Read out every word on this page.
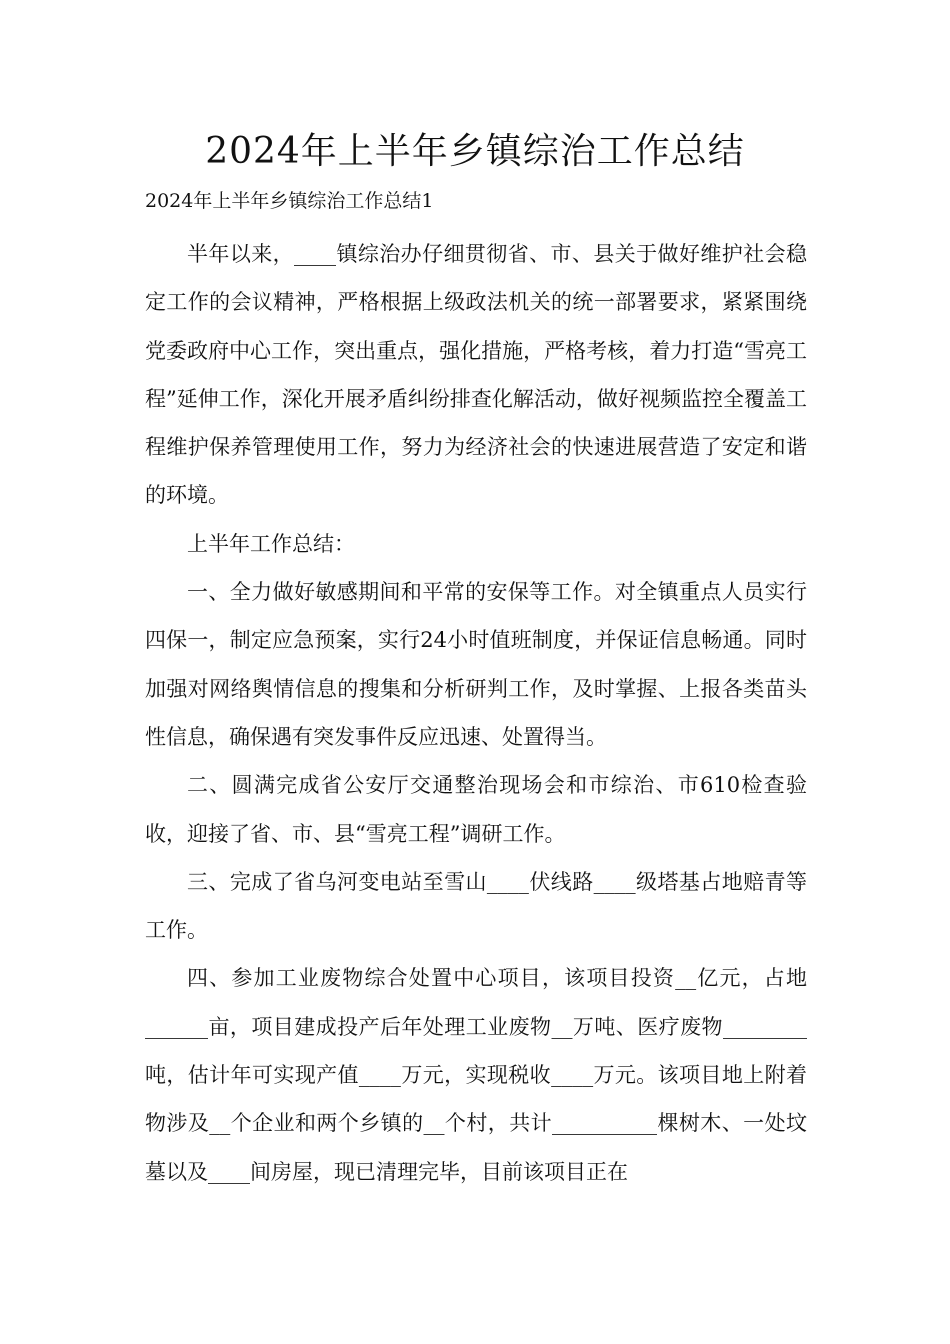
2024年上半年乡镇综治工作总结
2024年上半年乡镇综治工作总结1

半年以来，____镇综治办仔细贯彻省、市、县关于做好维护社会稳定工作的会议精神，严格根据上级政法机关的统一部署要求，紧紧围绕党委政府中心工作，突出重点，强化措施，严格考核，着力打造“雪亮工程”延伸工作，深化开展矛盾纠纷排查化解活动，做好视频监控全覆盖工程维护保养管理使用工作，努力为经济社会的快速进展营造了安定和谐的环境。

上半年工作总结：

一、全力做好敏感期间和平常的安保等工作。对全镇重点人员实行四保一，制定应急预案，实行24小时值班制度，并保证信息畅通。同时加强对网络舆情信息的搜集和分析研判工作，及时掌握、上报各类苗头性信息，确保遇有突发事件反应迅速、处置得当。

二、圆满完成省公安厅交通整治现场会和市综治、市610检查验收，迎接了省、市、县“雪亮工程”调研工作。

三、完成了省乌河变电站至雪山____伏线路____级塔基占地赔青等工作。

四、参加工业废物综合处置中心项目，该项目投资__亿元，占地______亩，项目建成投产后年处理工业废物__万吨、医疗废物________吨，估计年可实现产值____万元，实现税收____万元。该项目地上附着物涉及__个企业和两个乡镇的__个村，共计__________棵树木、一处坟墓以及____间房屋，现已清理完毕，目前该项目正在
